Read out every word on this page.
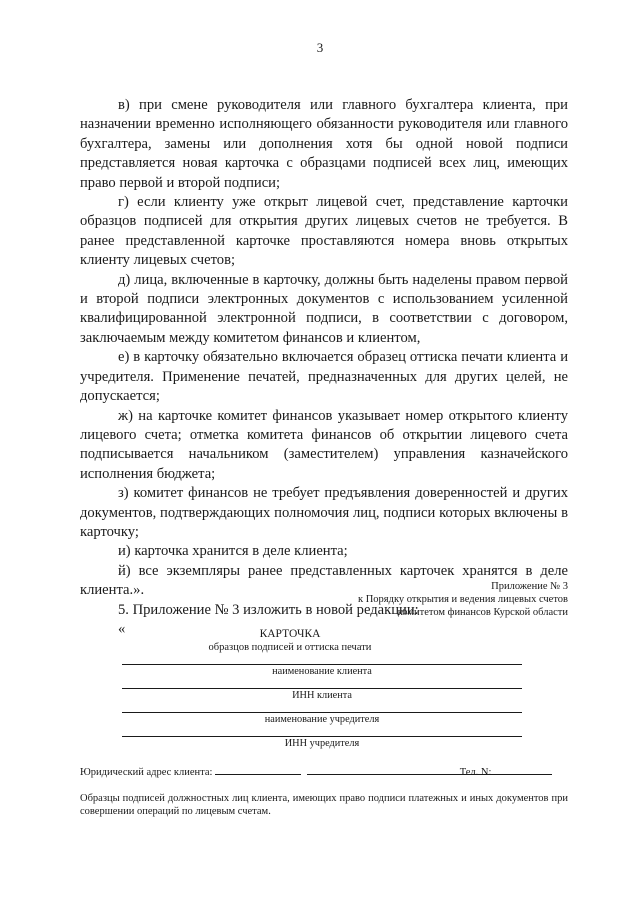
3

в) при смене руководителя или главного бухгалтера клиента, при назначении временно исполняющего обязанности руководителя или главного бухгалтера, замены или дополнения хотя бы одной новой подписи представляется новая карточка с образцами подписей всех лиц, имеющих право первой и второй подписи;

г) если клиенту уже открыт лицевой счет, представление карточки образцов подписей для открытия других лицевых счетов не требуется. В ранее представленной карточке проставляются номера вновь открытых клиенту лицевых счетов;

д) лица, включенные в карточку, должны быть наделены правом первой и второй подписи электронных документов с использованием усиленной квалифицированной электронной подписи, в соответствии с договором, заключаемым между комитетом финансов и клиентом,

е) в карточку обязательно включается образец оттиска печати клиента и учредителя. Применение печатей, предназначенных для других целей, не допускается;

ж) на карточке комитет финансов указывает номер открытого клиенту лицевого счета; отметка комитета финансов об открытии лицевого счета подписывается начальником (заместителем) управления казначейского исполнения бюджета;

з) комитет финансов не требует предъявления доверенностей и других документов, подтверждающих полномочия лиц, подписи которых включены в карточку;

и) карточка хранится в деле клиента;

й) все экземпляры ранее представленных карточек хранятся в деле клиента.».

5. Приложение № 3 изложить в новой редакции:

«

Приложение № 3
к Порядку открытия и ведения лицевых счетов
комитетом финансов Курской области
КАРТОЧКА
образцов подписей и оттиска печати
наименование клиента
ИНН клиента
наименование учредителя
ИНН учредителя
Юридический адрес клиента:	Тел. N:
Образцы подписей должностных лиц клиента, имеющих право подписи платежных и иных документов при совершении операций по лицевым счетам.
